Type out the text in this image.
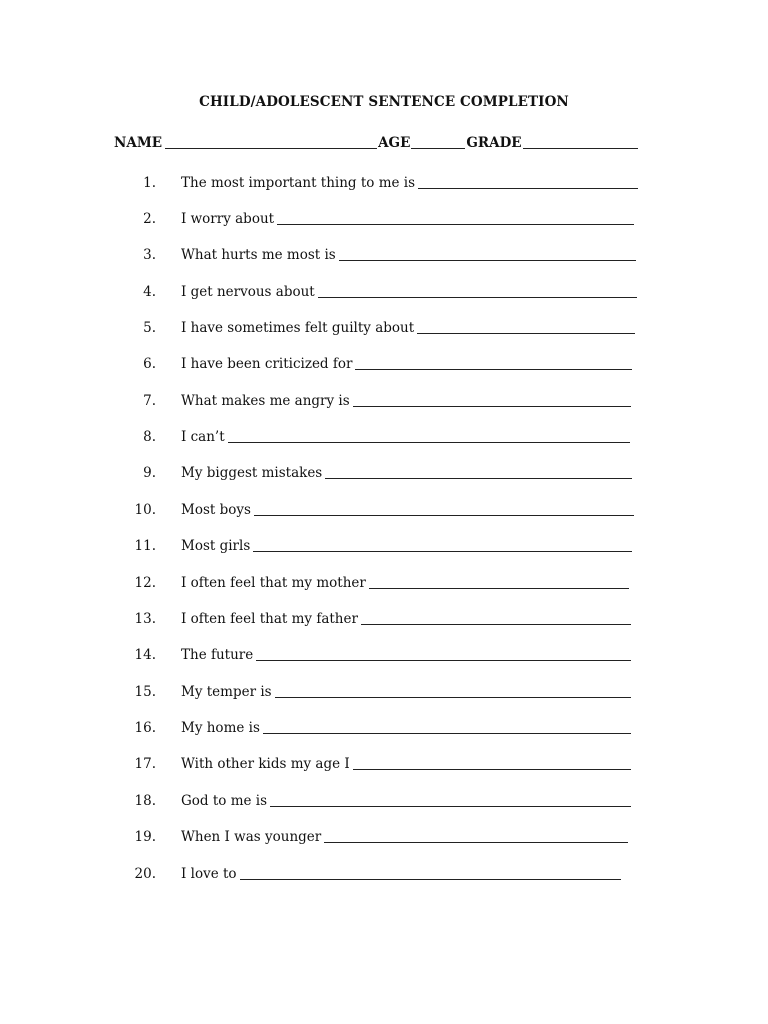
CHILD/ADOLESCENT SENTENCE COMPLETION
NAME	AGE	GRADE
1. The most important thing to me is
2. I worry about
3. What hurts me most is
4. I get nervous about
5. I have sometimes felt guilty about
6. I have been criticized for
7. What makes me angry is
8. I can’t
9. My biggest mistakes
10. Most boys
11. Most girls
12. I often feel that my mother
13. I often feel that my father
14. The future
15. My temper is
16. My home is
17. With other kids my age I
18. God to me is
19. When I was younger
20. I love to
